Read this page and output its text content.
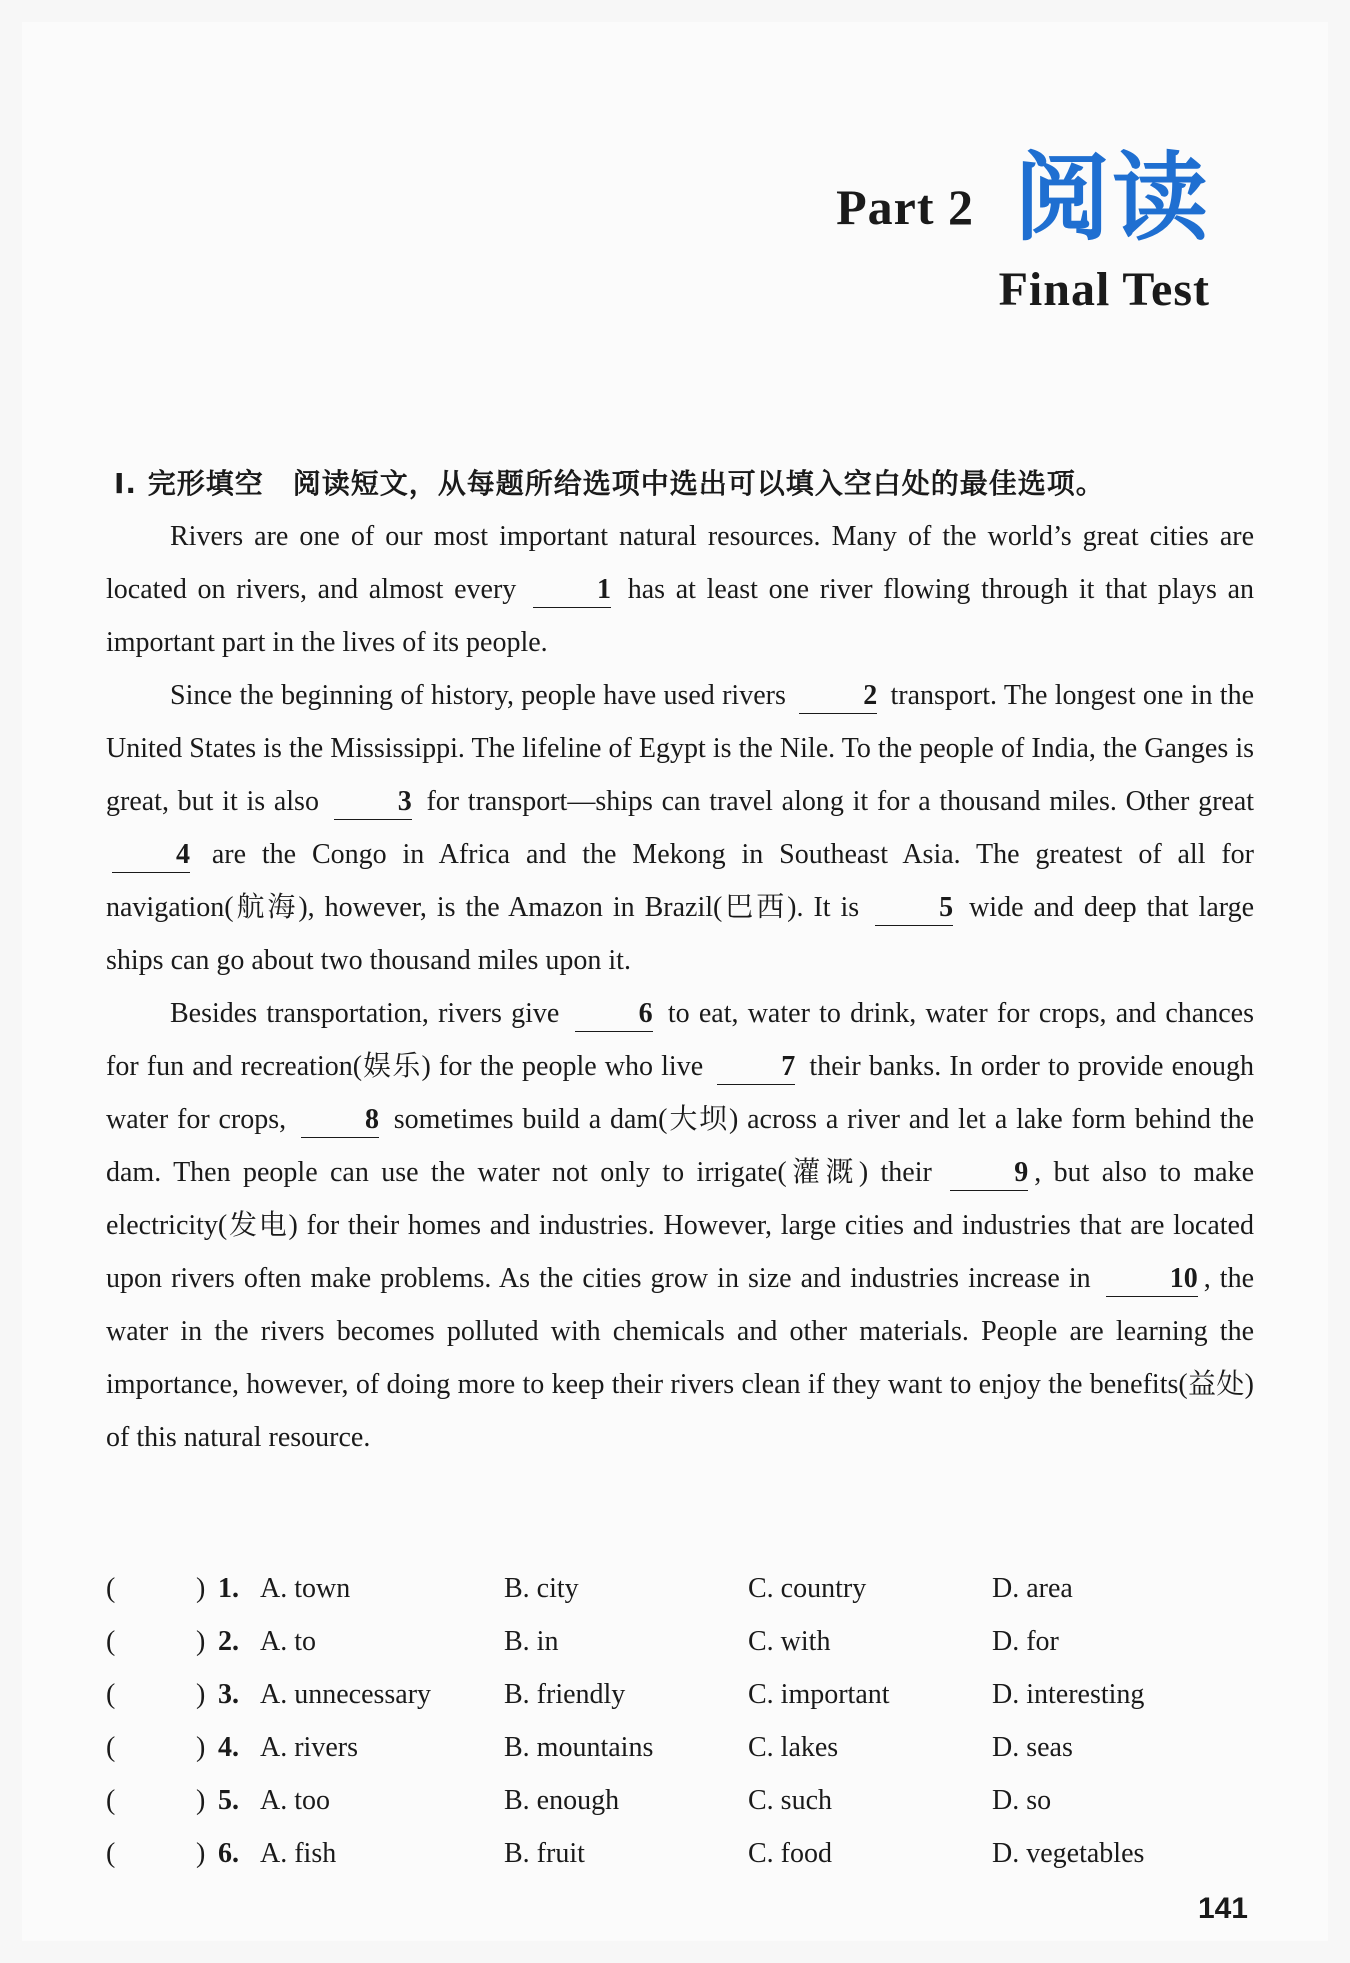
Part 2 阅读
Final Test
Ⅰ. 完形填空　阅读短文，从每题所给选项中选出可以填入空白处的最佳选项。

Rivers are one of our most important natural resources. Many of the world’s great cities are located on rivers, and almost every	1 has at least one river flowing through it that plays an important part in the lives of its people.

Since the beginning of history, people have used rivers	2 transport. The longest one in the United States is the Mississippi. The lifeline of Egypt is the Nile. To the people of India, the Ganges is great, but it is also	3 for transport—ships can travel along it for a thousand miles. Other great 4 are the Congo in Africa and the Mekong in Southeast Asia. The greatest of all for navigation(航海), however, is the Amazon in Brazil(巴西). It is	5 wide and deep that large ships can go about two thousand miles upon it.

Besides transportation, rivers give	6 to eat, water to drink, water for crops, and chances for fun and recreation(娱乐) for the people who live	7 their banks. In order to provide enough water for crops,	8 sometimes build a dam(大坝) across a river and let a lake form behind the dam. Then people can use the water not only to irrigate(灌溉) their	9 , but also to make electricity(发电) for their homes and industries. However, large cities and industries that are located upon rivers often make problems. As the cities grow in size and industries increase in	10 , the water in the rivers becomes polluted with chemicals and other materials. People are learning the importance, however, of doing more to keep their rivers clean if they want to enjoy the benefits(益处) of this natural resource.

(	) 1. A. town	B. city	C. country	D. area
(	) 2. A. to	B. in	C. with	D. for
(	) 3. A. unnecessary	B. friendly	C. important	D. interesting
(	) 4. A. rivers	B. mountains	C. lakes	D. seas
(	) 5. A. too	B. enough	C. such	D. so
(	) 6. A. fish	B. fruit	C. food	D. vegetables
141
